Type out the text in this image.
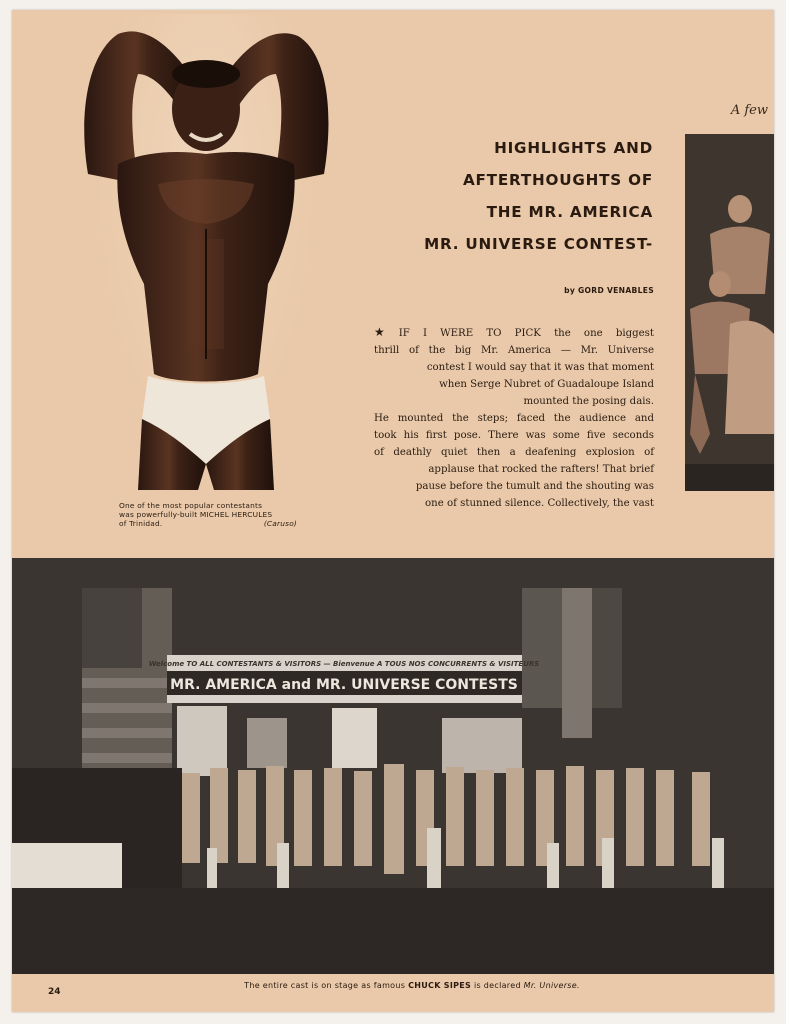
One of the most popular contestants
was powerfully-built MICHEL HERCULES
of Trinidad.	(Caruso)
A few
HIGHLIGHTS AND
AFTERTHOUGHTS OF
THE MR. AMERICA
MR. UNIVERSE CONTEST-
by GORD VENABLES

★ IF I WERE TO PICK the one biggest
thrill of the big Mr. America — Mr. Universe
contest I would say that it was that moment
when Serge Nubret of Guadaloupe Island
mounted the posing dais.
He mounted the steps; faced the audience and
took his first pose. There was some five seconds
of deathly quiet then a deafening explosion of
applause that rocked the rafters! That brief
pause before the tumult and the shouting was
one of stunned silence. Collectively, the vast

Welcome TO ALL CONTESTANTS & VISITORS — Bienvenue A TOUS NOS CONCURRENTS & VISITEURS
MR. AMERICA and MR. UNIVERSE CONTESTS
24
The entire cast is on stage as famous CHUCK SIPES is declared Mr. Universe.
